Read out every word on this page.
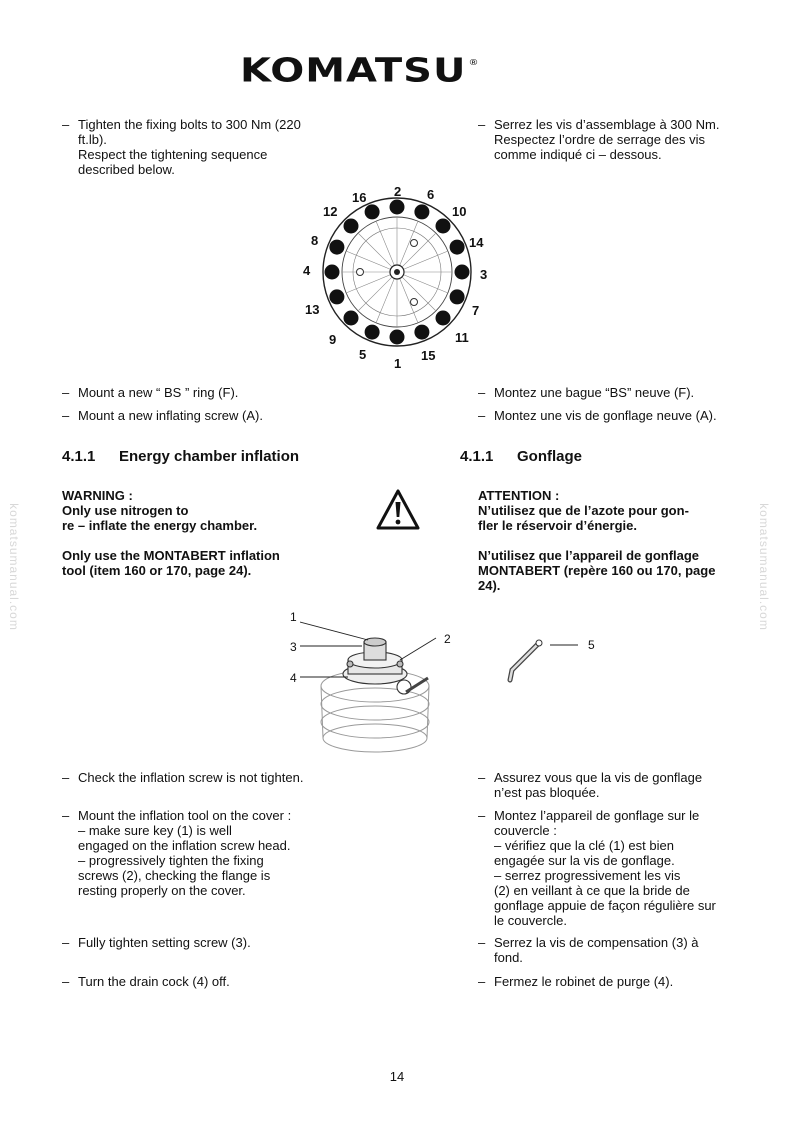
KOMATSU ®
komatsumanual.com	komatsumanual.com
– Tighten the fixing bolts to 300 Nm (220
ft.lb).
Respect the tightening sequence
described below.
– Serrez les vis d’assemblage à 300 Nm.
Respectez l’ordre de serrage des vis
comme indiqué ci – dessous.
16 2 6
12	10
8	14
4	3
13	7
9	11
5
1
15
– Mount a new “ BS ” ring (F).
– Mount a new inflating screw (A).
– Montez une bague “BS” neuve (F).
– Montez une vis de gonflage neuve (A).
4.1.1 Energy chamber inflation	4.1.1 Gonflage
WARNING :
Only use nitrogen to
re – inflate the energy chamber.

Only use the MONTABERT inflation
tool (item 160 or 170, page 24).
ATTENTION :
N’utilisez que de l’azote pour gon-
fler le réservoir d’énergie.

N’utilisez que l’appareil de gonflage
MONTABERT (repère 160 ou 170, page
24).
1
3
4
2	5
– Check the inflation screw is not tighten.
– Mount the inflation tool on the cover :
– make sure key (1) is well
engaged on the inflation screw head.
– progressively tighten the fixing
screws (2), checking the flange is
resting properly on the cover.
– Fully tighten setting screw (3).
– Turn the drain cock (4) off.
– Assurez vous que la vis de gonflage
n’est pas bloquée.
– Montez l’appareil de gonflage sur le
couvercle :
– vérifiez que la clé (1) est bien
engagée sur la vis de gonflage.
– serrez progressivement les vis
(2) en veillant à ce que la bride de
gonflage appuie de façon régulière sur
le couvercle.
– Serrez la vis de compensation (3) à
fond.
– Fermez le robinet de purge (4).
14
